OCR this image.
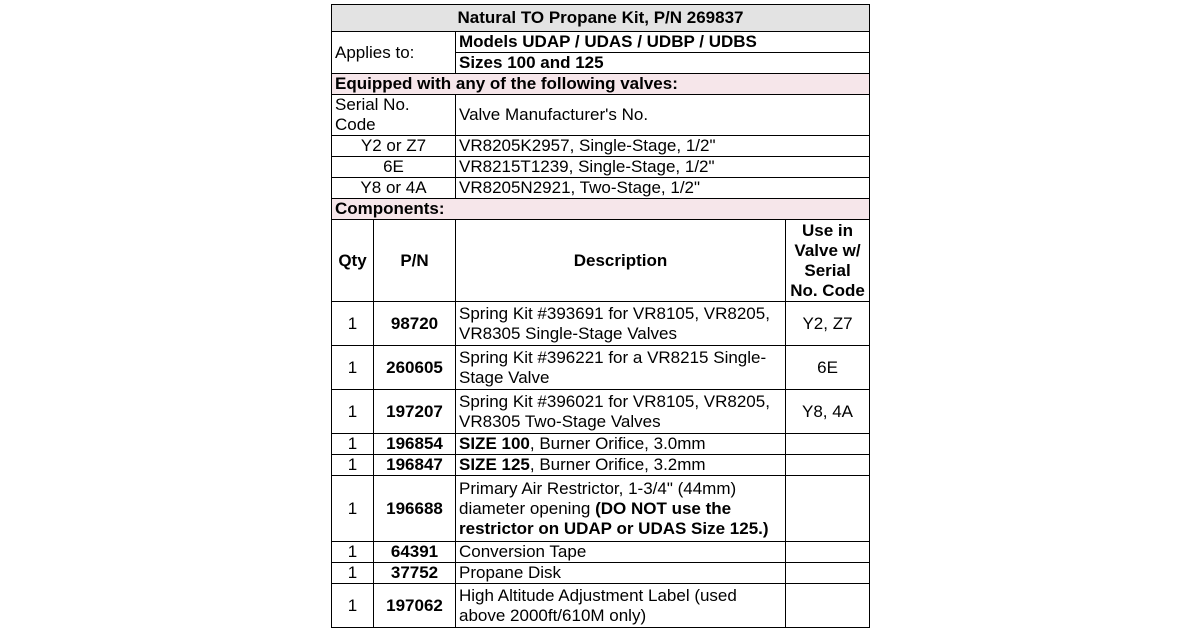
Natural TO Propane Kit, P/N 269837			
Applies to:		Models UDAP / UDAS / UDBP / UDBS	
		Sizes 100 and 125	
Equipped with any of the following valves:			
Serial No. Code		Valve Manufacturer's No.	
Y2 or Z7		VR8205K2957, Single-Stage, 1/2"	
6E		VR8215T1239, Single-Stage, 1/2"	
Y8 or 4A		VR8205N2921, Two-Stage, 1/2"	
Components:			
Qty	P/N	Description	Use in Valve w/ Serial No. Code
1	98720	Spring Kit #393691 for VR8105, VR8205, VR8305 Single-Stage Valves	Y2, Z7
1	260605	Spring Kit #396221 for a VR8215 Single-Stage Valve	6E
1	197207	Spring Kit #396021 for VR8105, VR8205, VR8305 Two-Stage Valves	Y8, 4A
1	196854	SIZE 100, Burner Orifice, 3.0mm	
1	196847	SIZE 125, Burner Orifice, 3.2mm	
1	196688	Primary Air Restrictor, 1-3/4" (44mm) diameter opening (DO NOT use the restrictor on UDAP or UDAS Size 125.)	
1	64391	Conversion Tape	
1	37752	Propane Disk	
1	197062	High Altitude Adjustment Label (used above 2000ft/610M only)	
